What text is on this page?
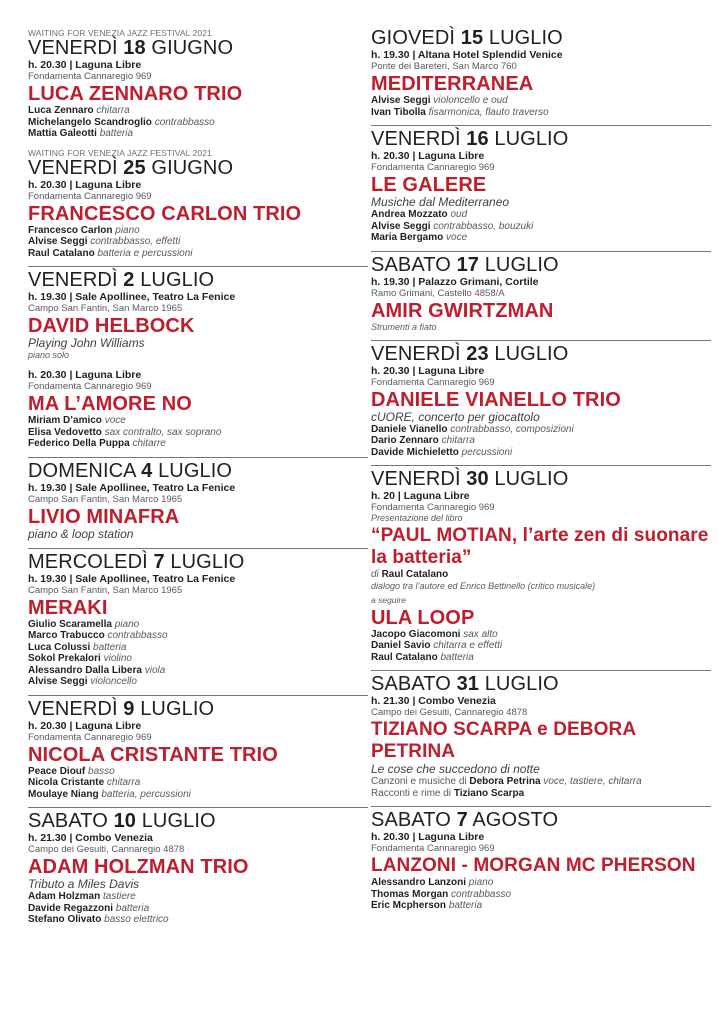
WAITING FOR VENEZIA JAZZ FESTIVAL 2021
VENERDÌ 18 GIUGNO
h. 20.30 | Laguna Libre
Fondamenta Cannaregio 969
LUCA ZENNARO TRIO
Luca Zennaro chitarra
Michelangelo Scandroglio contrabbasso
Mattia Galeotti batteria
WAITING FOR VENEZIA JAZZ FESTIVAL 2021
VENERDÌ 25 GIUGNO
h. 20.30 | Laguna Libre
Fondamenta Cannaregio 969
FRANCESCO CARLON TRIO
Francesco Carlon piano
Alvise Seggi contrabbasso, effetti
Raul Catalano batteria e percussioni
VENERDÌ 2 LUGLIO
h. 19.30 | Sale Apollinee, Teatro La Fenice
Campo San Fantin, San Marco 1965
DAVID HELBOCK
Playing John Williams
piano solo
h. 20.30 | Laguna Libre
Fondamenta Cannaregio 969
MA L’AMORE NO
Miriam D’amico voce
Elisa Vedovetto sax contralto, sax soprano
Federico Della Puppa chitarre
DOMENICA 4 LUGLIO
h. 19.30 | Sale Apollinee, Teatro La Fenice
Campo San Fantin, San Marco 1965
LIVIO MINAFRA
piano & loop station
MERCOLEDÌ 7 LUGLIO
h. 19.30 | Sale Apollinee, Teatro La Fenice
Campo San Fantin, San Marco 1965
MERAKI
Giulio Scaramella piano
Marco Trabucco contrabbasso
Luca Colussi batteria
Sokol Prekalori violino
Alessandro Dalla Libera viola
Alvise Seggi violoncello
VENERDÌ 9 LUGLIO
h. 20.30 | Laguna Libre
Fondamenta Cannaregio 969
NICOLA CRISTANTE TRIO
Peace Diouf basso
Nicola Cristante chitarra
Moulaye Niang batteria, percussioni
SABATO 10 LUGLIO
h. 21.30 | Combo Venezia
Campo dei Gesuiti, Cannaregio 4878
ADAM HOLZMAN TRIO
Tributo a Miles Davis
Adam Holzman tastiere
Davide Regazzoni batteria
Stefano Olivato basso elettrico
GIOVEDÌ 15 LUGLIO
h. 19.30 | Altana Hotel Splendid Venice
Ponte dei Bareteri, San Marco 760
MEDITERRANEA
Alvise Seggi violoncello e oud
Ivan Tibolla fisarmonica, flauto traverso
VENERDÌ 16 LUGLIO
h. 20.30 | Laguna Libre
Fondamenta Cannaregio 969
LE GALERE
Musiche dal Mediterraneo
Andrea Mozzato oud
Alvise Seggi contrabbasso, bouzuki
Maria Bergamo voce
SABATO 17 LUGLIO
h. 19.30 | Palazzo Grimani, Cortile
Ramo Grimani, Castello 4858/A
AMIR GWIRTZMAN
Strumenti a fiato
VENERDÌ 23 LUGLIO
h. 20.30 | Laguna Libre
Fondamenta Cannaregio 969
DANIELE VIANELLO TRIO
cUORE, concerto per giocattolo
Daniele Vianello contrabbasso, composizioni
Dario Zennaro chitarra
Davide Michieletto percussioni
VENERDÌ 30 LUGLIO
h. 20 | Laguna Libre
Fondamenta Cannaregio 969
Presentazione del libro
“PAUL MOTIAN, l’arte zen di suonare la batteria”
di Raul Catalano
dialogo tra l’autore ed Enrico Bettinello (critico musicale)
a seguire
ULA LOOP
Jacopo Giacomoni sax alto
Daniel Savio chitarra e effetti
Raul Catalano batteria
SABATO 31 LUGLIO
h. 21.30 | Combo Venezia
Campo dei Gesuiti, Cannaregio 4878
TIZIANO SCARPA e DEBORA PETRINA
Le cose che succedono di notte
Canzoni e musiche di Debora Petrina voce, tastiere, chitarra
Racconti e rime di Tiziano Scarpa
SABATO 7 AGOSTO
h. 20.30 | Laguna Libre
Fondamenta Cannaregio 969
LANZONI - MORGAN MC PHERSON
Alessandro Lanzoni piano
Thomas Morgan contrabbasso
Eric Mcpherson batteria
